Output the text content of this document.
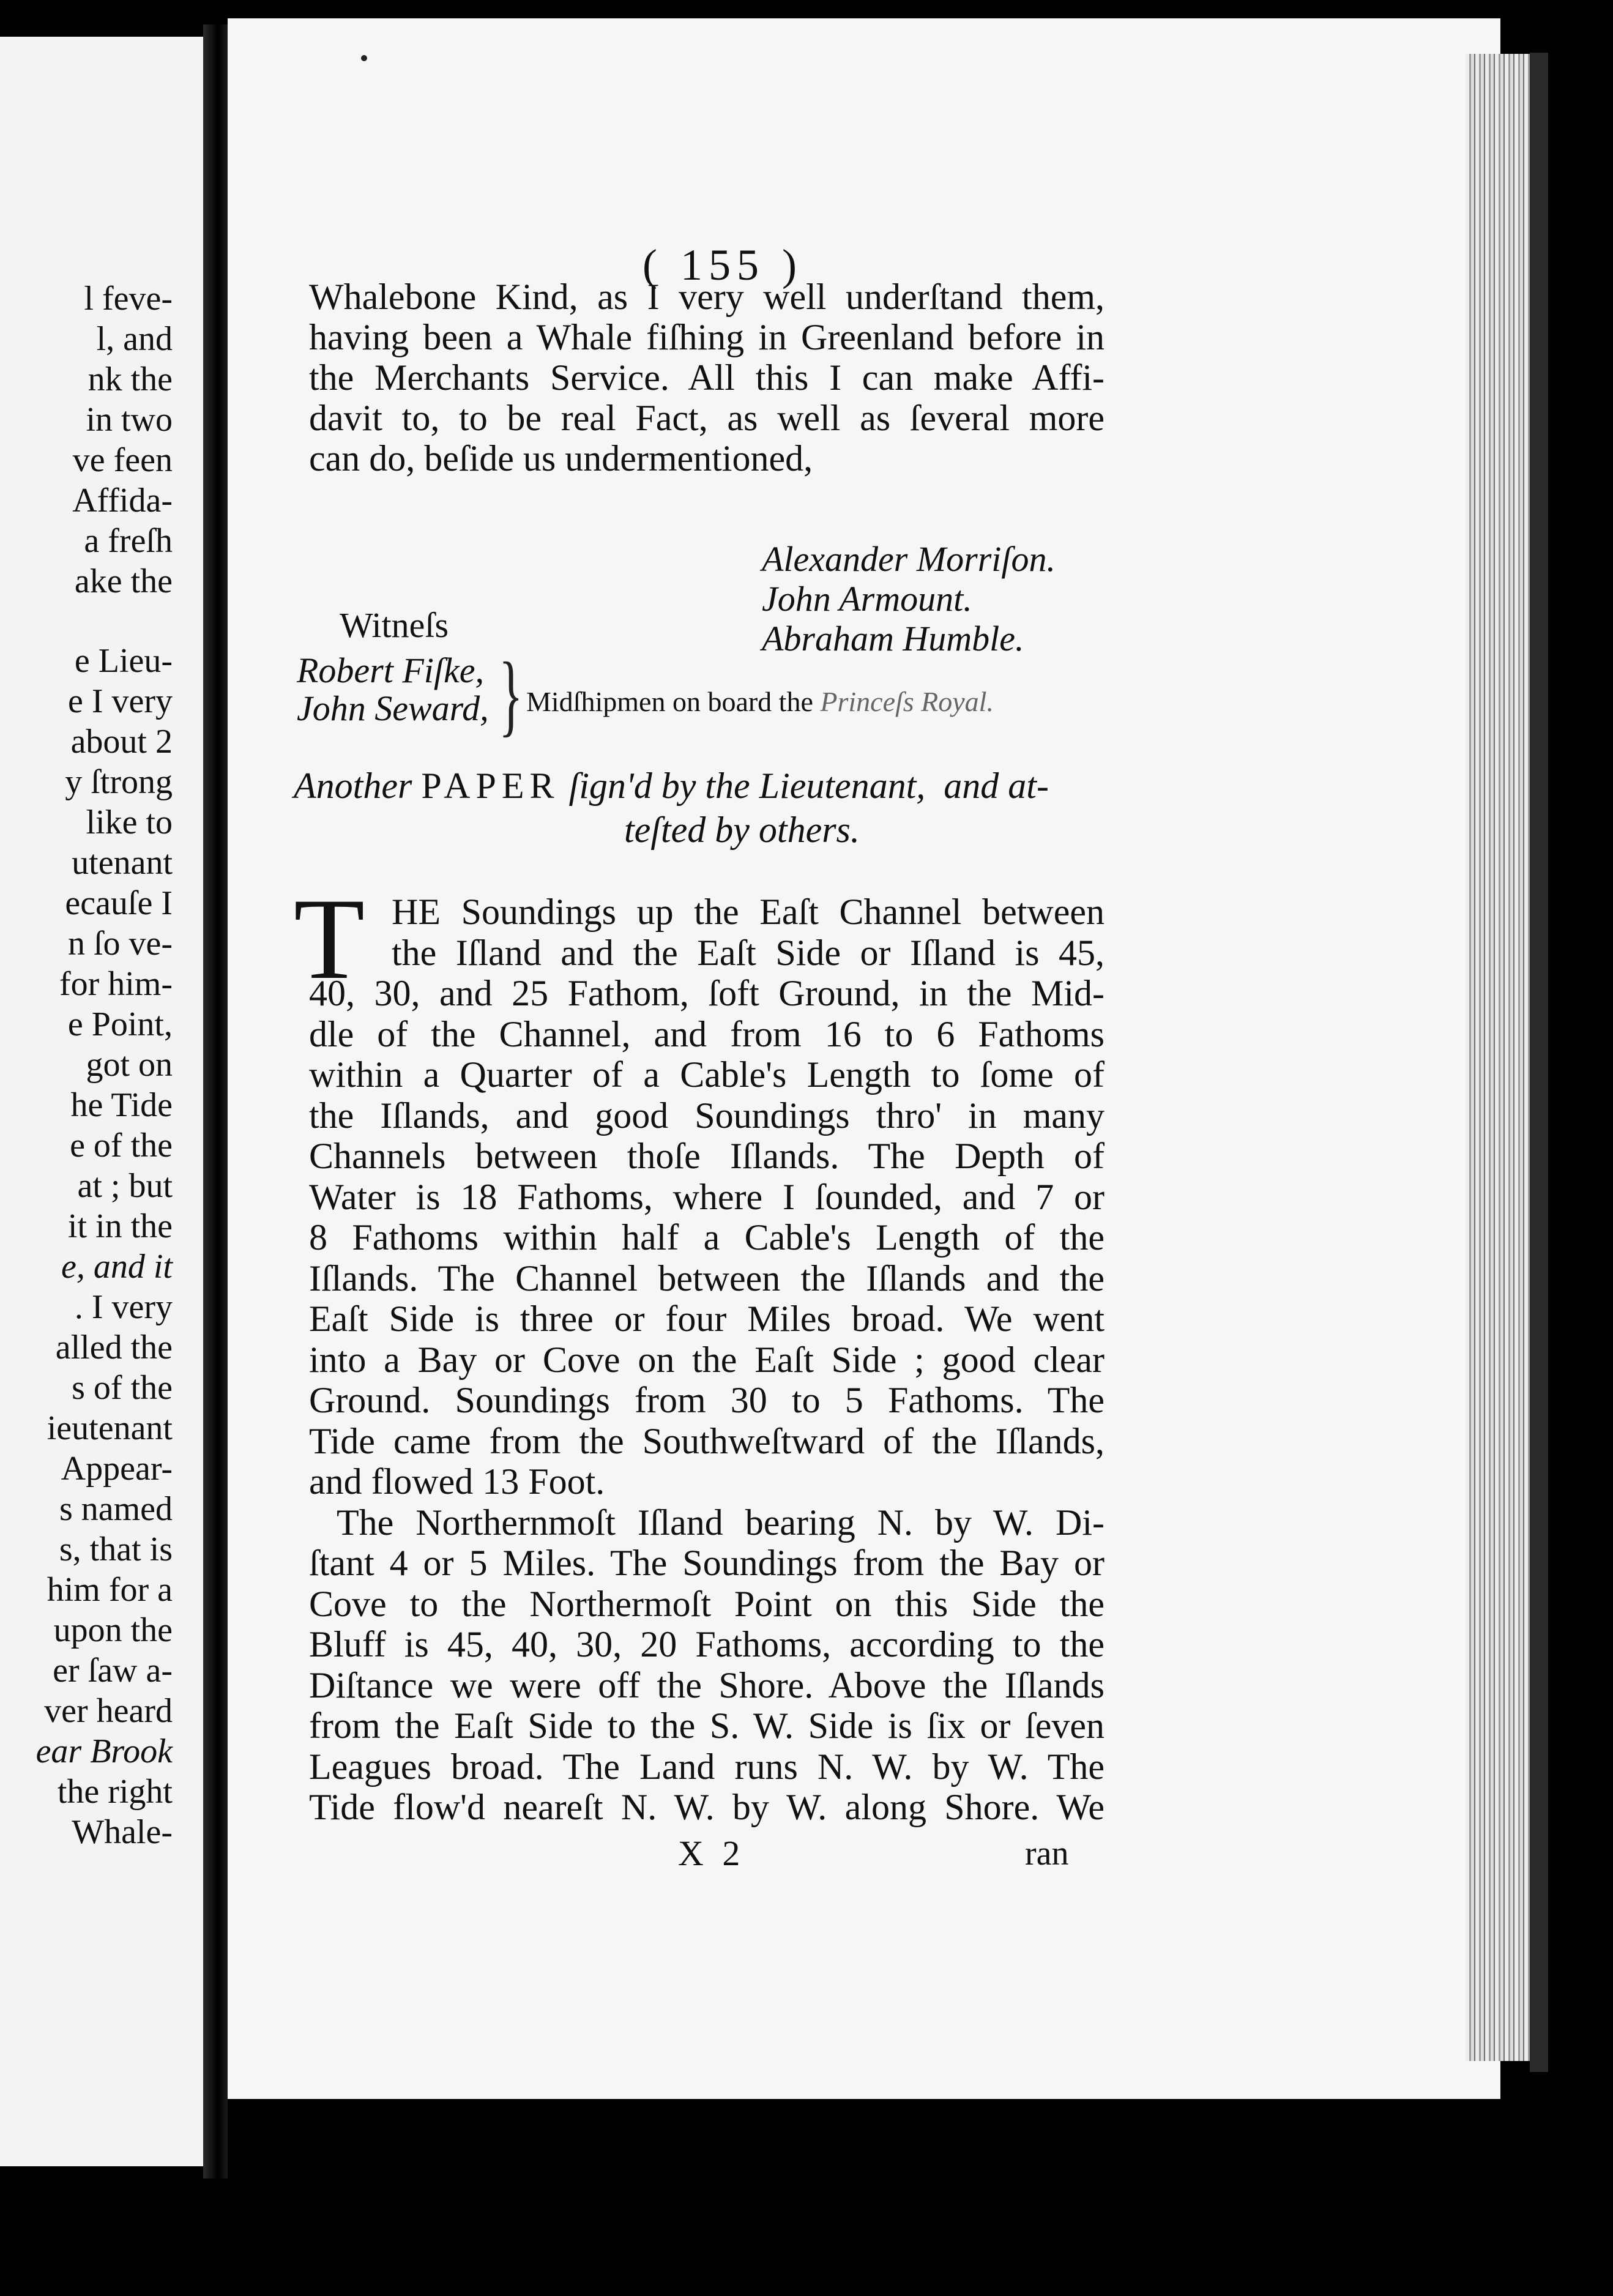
l feve-
l, and
nk the
in two
ve feen
Affida-
a freſh
ake the
e Lieu-
e I very
about 2
y ſtrong
like to
utenant
ecauſe I
n ſo ve-
for him-
e Point,
got on
he Tide
e of the
at ; but
it in the
e, and it
. I very
alled the
s of the
ieutenant
Appear-
s named
s, that is
him for a
upon the
er ſaw a-
ver heard
ear Brook
the right
Whale-
( 155 )
Whalebone Kind, as I very well underſtand them,
having been a Whale fiſhing in Greenland before in
the Merchants Service. All this I can make Affi-
davit to, to be real Fact, as well as ſeveral more
can do, beſide us undermentioned,
Alexander Morriſon.
John Armount.
Abraham Humble.
Witneſs
Robert Fiſke,
John Seward, } Midſhipmen on board the Princeſs Royal.
Another PAPER ſign'd by the Lieutenant, and at-
teſted by others.
T HE Soundings up the Eaſt Channel between
the Iſland and the Eaſt Side or Iſland is 45,
40, 30, and 25 Fathom, ſoft Ground, in the Mid-
dle of the Channel, and from 16 to 6 Fathoms
within a Quarter of a Cable's Length to ſome of
the Iſlands, and good Soundings thro' in many
Channels between thoſe Iſlands. The Depth of
Water is 18 Fathoms, where I ſounded, and 7 or
8 Fathoms within half a Cable's Length of the
Iſlands. The Channel between the Iſlands and the
Eaſt Side is three or four Miles broad. We went
into a Bay or Cove on the Eaſt Side ; good clear
Ground. Soundings from 30 to 5 Fathoms. The
Tide came from the Southweſtward of the Iſlands,
and flowed 13 Foot.
The Northernmoſt Iſland bearing N. by W. Di-
ſtant 4 or 5 Miles. The Soundings from the Bay or
Cove to the Northermoſt Point on this Side the
Bluff is 45, 40, 30, 20 Fathoms, according to the
Diſtance we were off the Shore. Above the Iſlands
from the Eaſt Side to the S. W. Side is ſix or ſeven
Leagues broad. The Land runs N. W. by W. The
Tide flow'd neareſt N. W. by W. along Shore. We
X 2	ran
